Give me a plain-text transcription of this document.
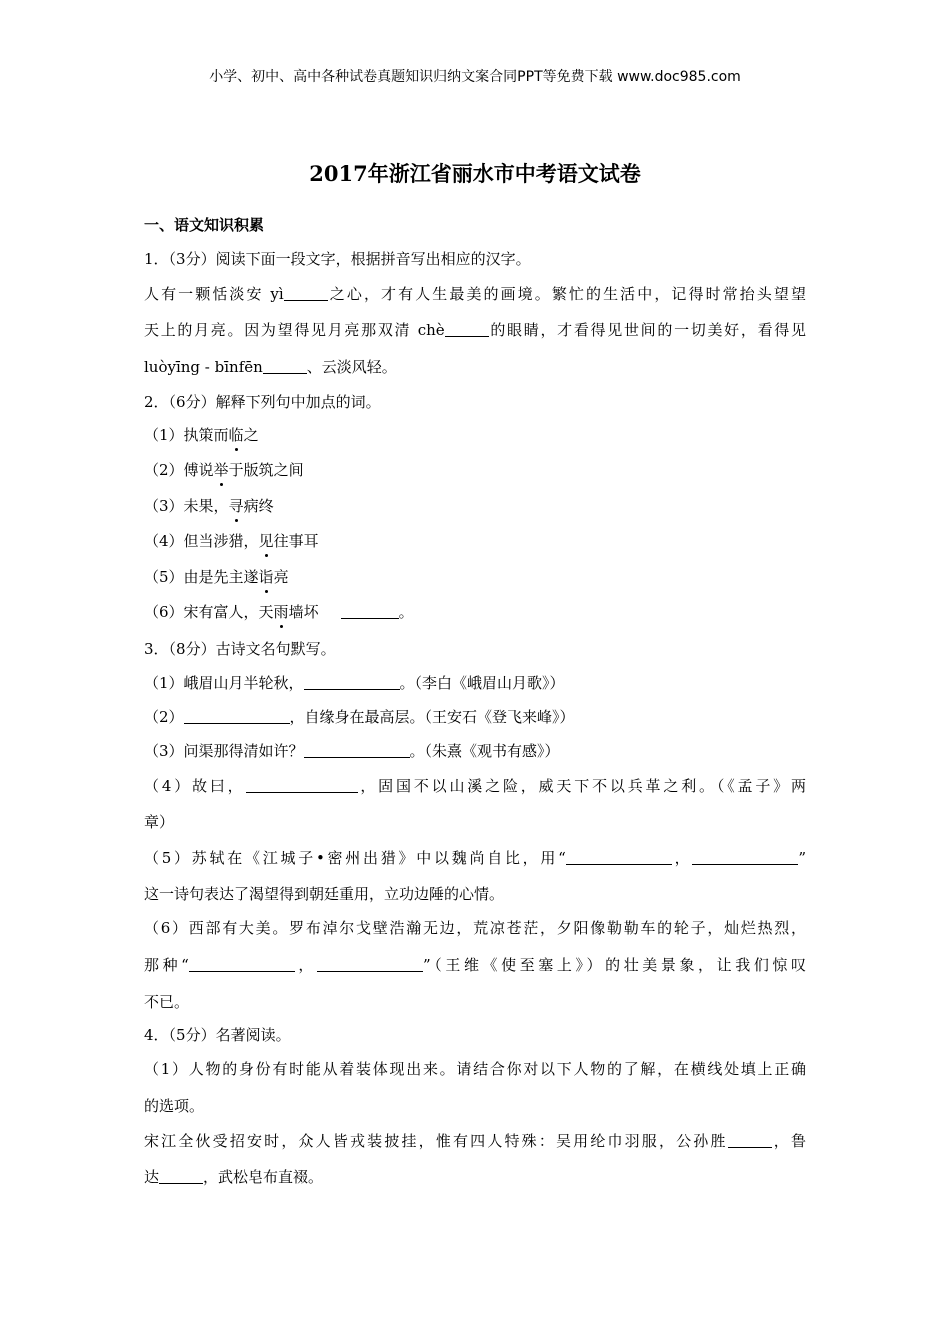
小学、初中、高中各种试卷真题知识归纳文案合同PPT等免费下载 www.doc985.com
2017年浙江省丽水市中考语文试卷
一、语文知识积累
1．（3分）阅读下面一段文字，根据拼音写出相应的汉字。
人有一颗恬淡安 yì	之心，才有人生最美的画境。繁忙的生活中，记得时常抬头望望
天上的月亮。因为望得见月亮那双清 chè	的眼睛，才看得见世间的一切美好，看得见
luòyīng - bīnfēn	、云淡风轻。
2．（6分）解释下列句中加点的词。
（1）执策而临之
（2）傅说举于版筑之间
（3）未果，寻病终
（4）但当涉猎，见往事耳
（5）由是先主遂诣亮
（6）宋有富人，天雨墙坏	。
3．（8分）古诗文名句默写。
（1）峨眉山月半轮秋，	。（李白《峨眉山月歌》）
（2）	，自缘身在最高层。（王安石《登飞来峰》）
（3）问渠那得清如许？	。（朱熹《观书有感》）
（4）故曰，	，固国不以山溪之险，威天下不以兵革之利。（《孟子》两
章）
（5）苏轼在《江城子•密州出猎》中以魏尚自比，用“	，	”
这一诗句表达了渴望得到朝廷重用，立功边陲的心情。
（6）西部有大美。罗布淖尔戈壁浩瀚无边，荒凉苍茫，夕阳像勒勒车的轮子，灿烂热烈，
那种“	，	”（王维《使至塞上》）的壮美景象，让我们惊叹
不已。
4．（5分）名著阅读。
（1）人物的身份有时能从着装体现出来。请结合你对以下人物的了解，在横线处填上正确
的选项。
宋江全伙受招安时，众人皆戎装披挂，惟有四人特殊：吴用纶巾羽服，公孙胜	，鲁
达	，武松皂布直裰。
